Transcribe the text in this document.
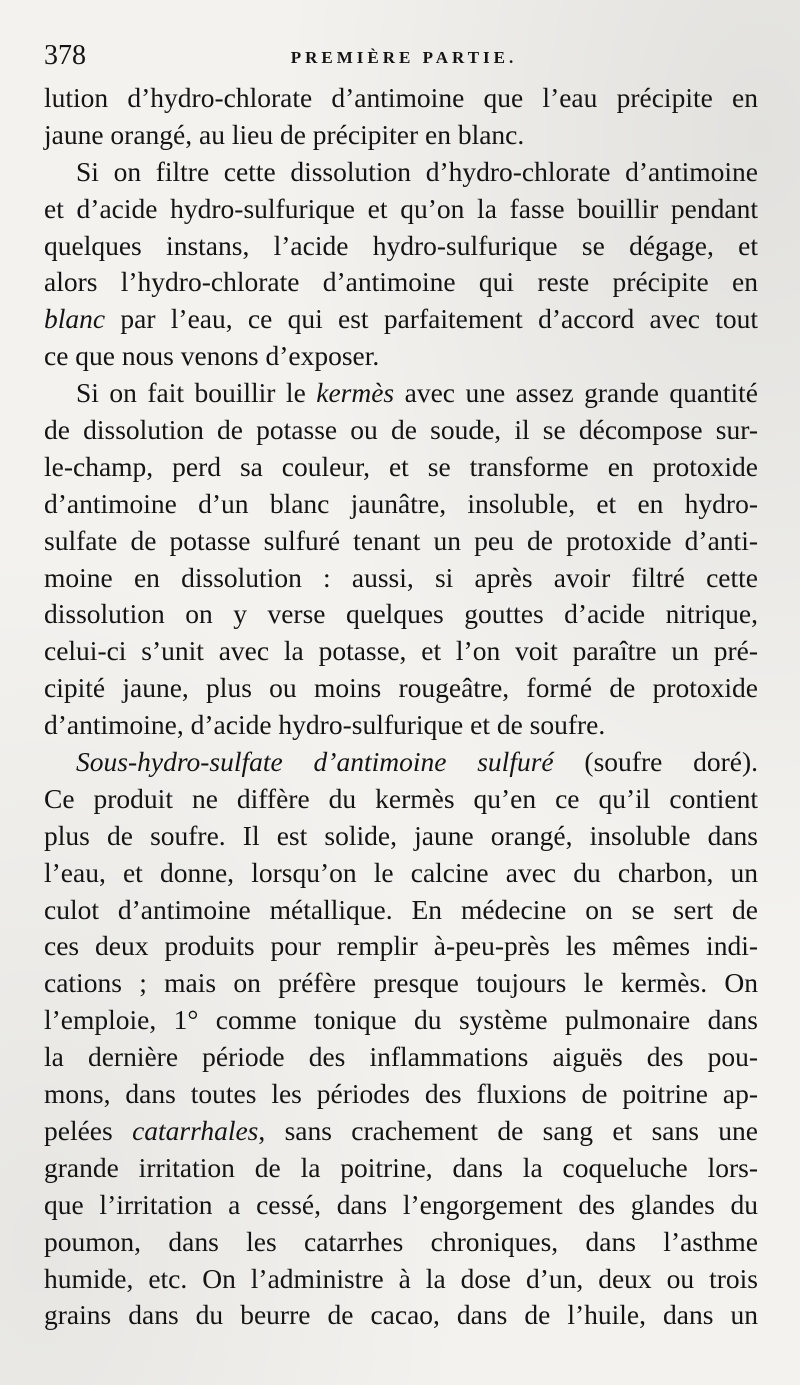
378	PREMIÈRE PARTIE.
lution d’hydro-chlorate d’antimoine que l’eau précipite en
jaune orangé, au lieu de précipiter en blanc.
Si on filtre cette dissolution d’hydro-chlorate d’antimoine
et d’acide hydro-sulfurique et qu’on la fasse bouillir pendant
quelques instans, l’acide hydro-sulfurique se dégage, et
alors l’hydro-chlorate d’antimoine qui reste précipite en
blanc par l’eau, ce qui est parfaitement d’accord avec tout
ce que nous venons d’exposer.
Si on fait bouillir le kermès avec une assez grande quantité
de dissolution de potasse ou de soude, il se décompose sur-
le-champ, perd sa couleur, et se transforme en protoxide
d’antimoine d’un blanc jaunâtre, insoluble, et en hydro-
sulfate de potasse sulfuré tenant un peu de protoxide d’anti-
moine en dissolution : aussi, si après avoir filtré cette
dissolution on y verse quelques gouttes d’acide nitrique,
celui-ci s’unit avec la potasse, et l’on voit paraître un pré-
cipité jaune, plus ou moins rougeâtre, formé de protoxide
d’antimoine, d’acide hydro-sulfurique et de soufre.
Sous-hydro-sulfate d’antimoine sulfuré (soufre doré).
Ce produit ne diffère du kermès qu’en ce qu’il contient
plus de soufre. Il est solide, jaune orangé, insoluble dans
l’eau, et donne, lorsqu’on le calcine avec du charbon, un
culot d’antimoine métallique. En médecine on se sert de
ces deux produits pour remplir à-peu-près les mêmes indi-
cations ; mais on préfère presque toujours le kermès. On
l’emploie, 1° comme tonique du système pulmonaire dans
la dernière période des inflammations aiguës des pou-
mons, dans toutes les périodes des fluxions de poitrine ap-
pelées catarrhales, sans crachement de sang et sans une
grande irritation de la poitrine, dans la coqueluche lors-
que l’irritation a cessé, dans l’engorgement des glandes du
poumon, dans les catarrhes chroniques, dans l’asthme
humide, etc. On l’administre à la dose d’un, deux ou trois
grains dans du beurre de cacao, dans de l’huile, dans un
